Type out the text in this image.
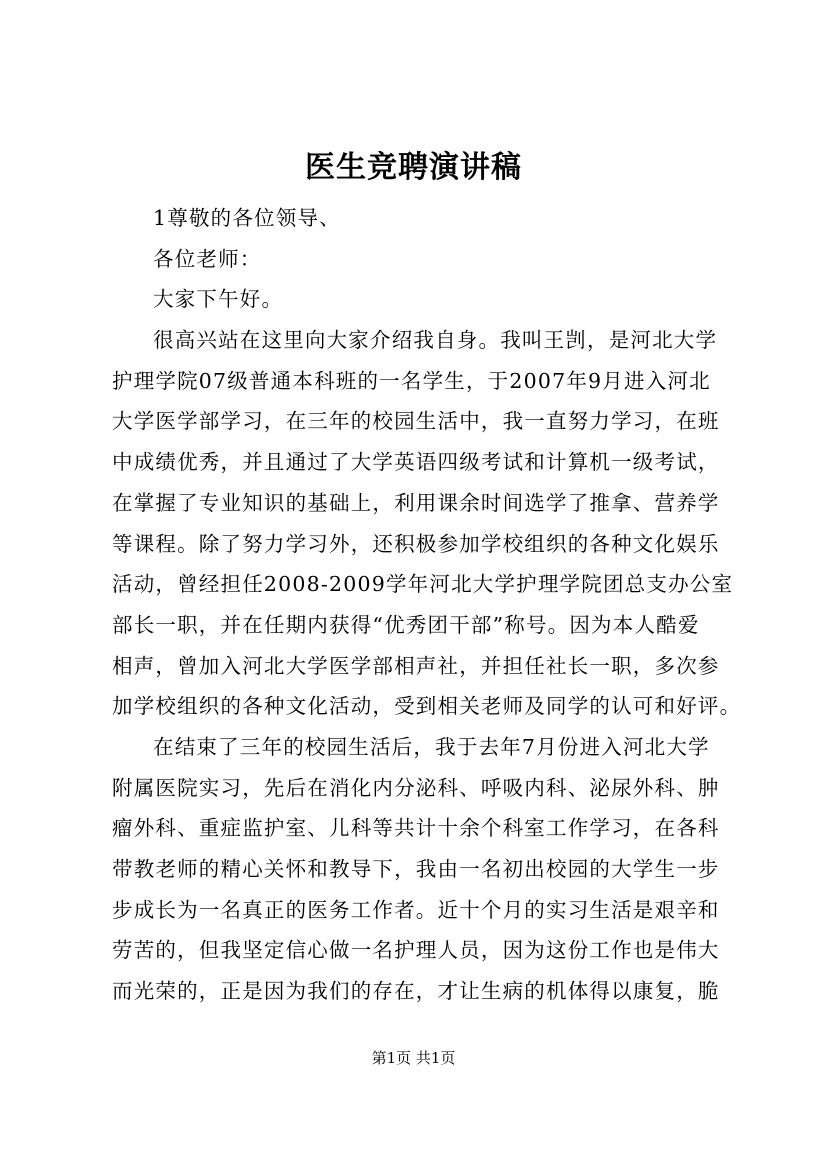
医生竞聘演讲稿
1尊敬的各位领导、
各位老师：
大家下午好。
很高兴站在这里向大家介绍我自身。我叫王剀，是河北大学
护理学院07级普通本科班的一名学生，于2007年9月进入河北
大学医学部学习，在三年的校园生活中，我一直努力学习，在班
中成绩优秀，并且通过了大学英语四级考试和计算机一级考试，
在掌握了专业知识的基础上，利用课余时间选学了推拿、营养学
等课程。除了努力学习外，还积极参加学校组织的各种文化娱乐
活动，曾经担任2008-2009学年河北大学护理学院团总支办公室
部长一职，并在任期内获得“优秀团干部”称号。因为本人酷爱
相声，曾加入河北大学医学部相声社，并担任社长一职，多次参
加学校组织的各种文化活动，受到相关老师及同学的认可和好评。
在结束了三年的校园生活后，我于去年7月份进入河北大学
附属医院实习，先后在消化内分泌科、呼吸内科、泌尿外科、肿
瘤外科、重症监护室、儿科等共计十余个科室工作学习，在各科
带教老师的精心关怀和教导下，我由一名初出校园的大学生一步
步成长为一名真正的医务工作者。近十个月的实习生活是艰辛和
劳苦的，但我坚定信心做一名护理人员，因为这份工作也是伟大
而光荣的，正是因为我们的存在，才让生病的机体得以康复，脆
第1页 共1页
